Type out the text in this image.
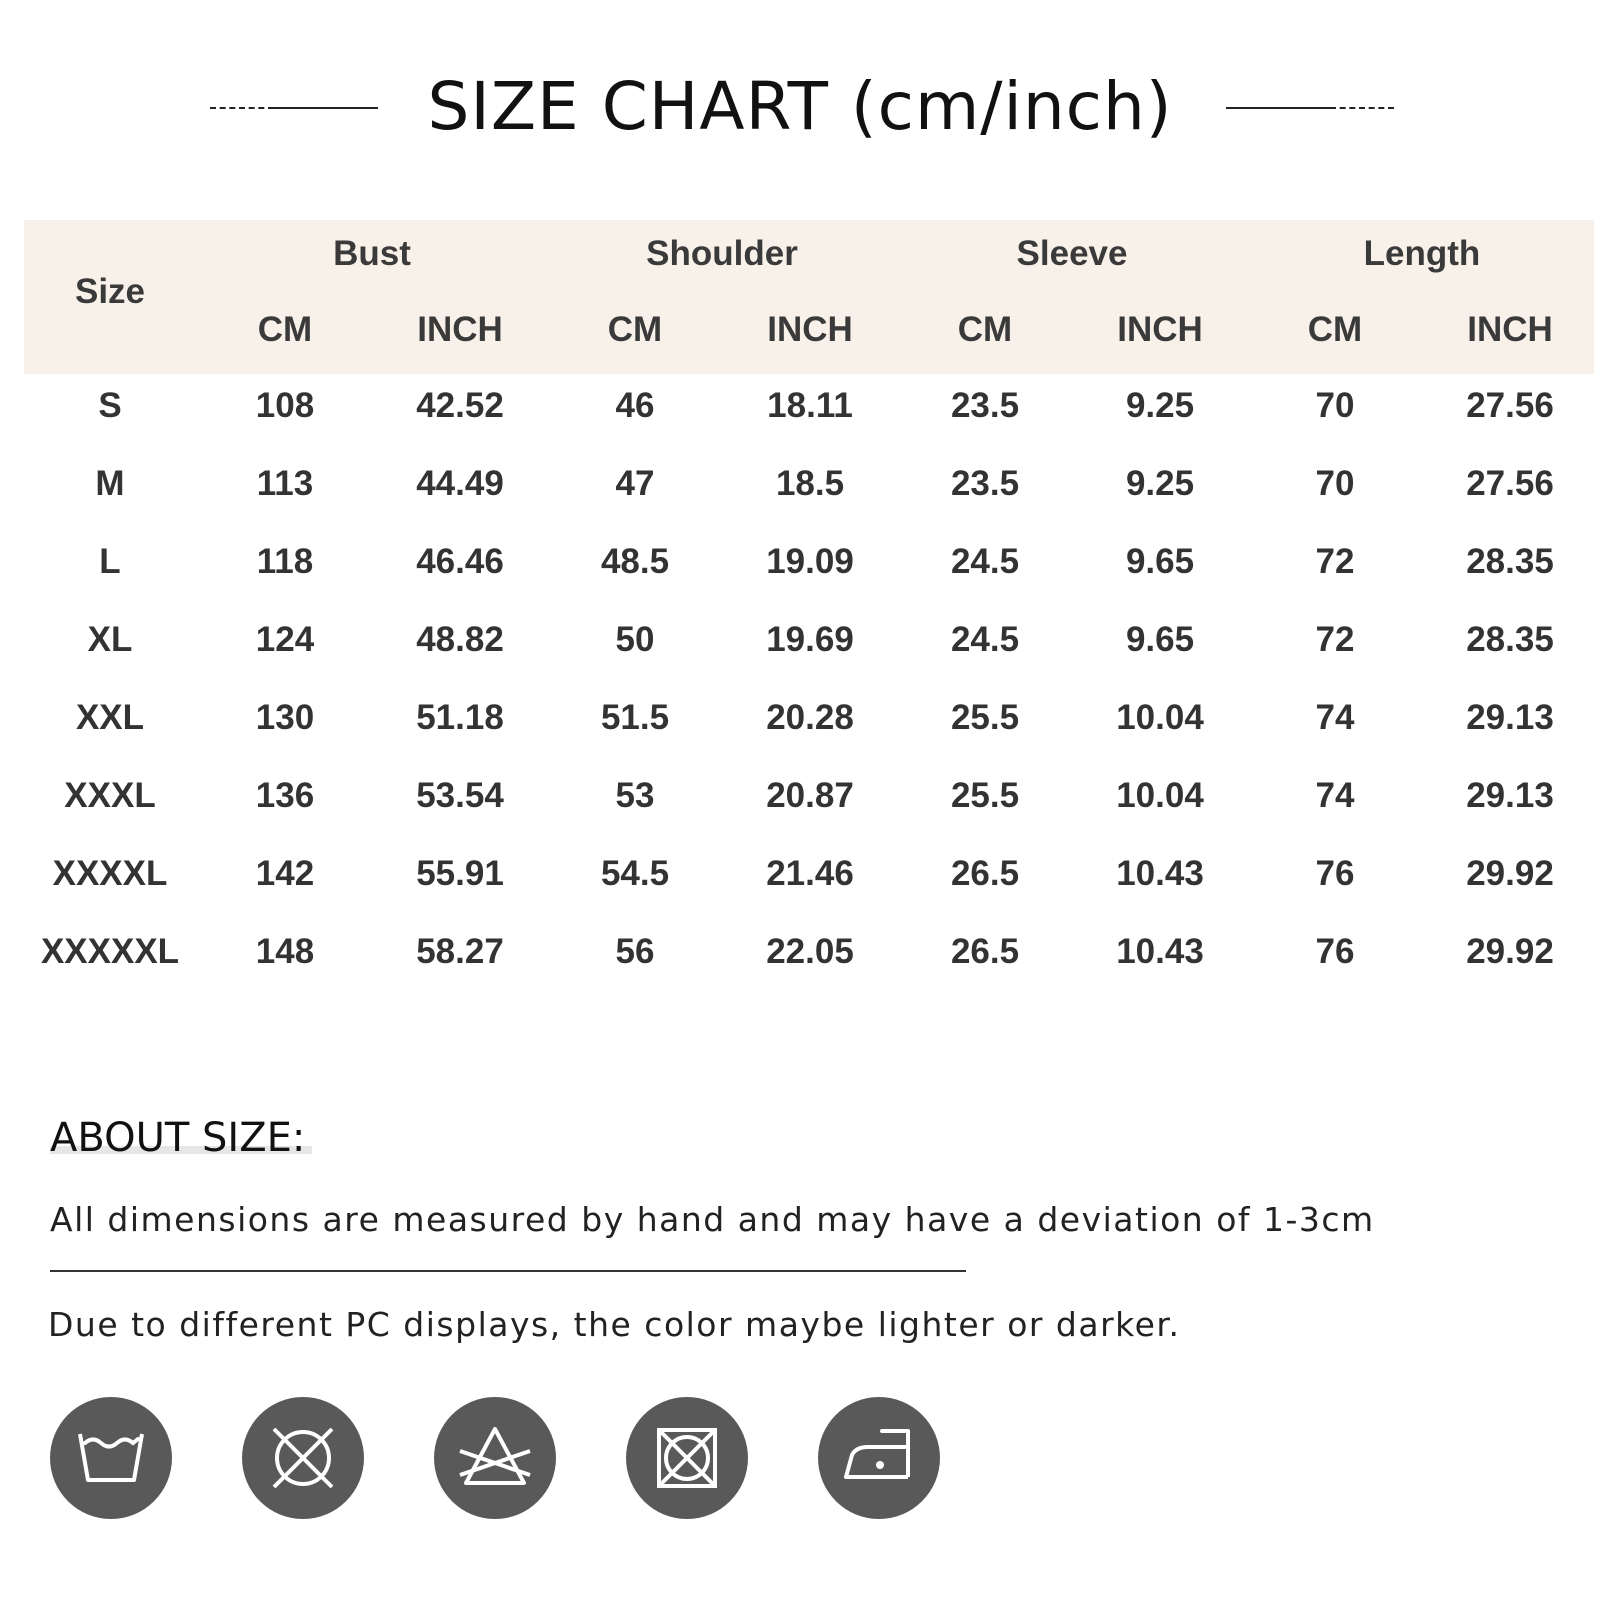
SIZE CHART (cm/inch)
Size
Bust	Shoulder	Sleeve	Length
CM	INCH	CM	INCH	CM	INCH	CM	INCH
S	108	42.52	46	18.11	23.5	9.25	70	27.56
M	113	44.49	47	18.5	23.5	9.25	70	27.56
L	118	46.46	48.5	19.09	24.5	9.65	72	28.35
XL	124	48.82	50	19.69	24.5	9.65	72	28.35
XXL	130	51.18	51.5	20.28	25.5	10.04	74	29.13
XXXL	136	53.54	53	20.87	25.5	10.04	74	29.13
XXXXL	142	55.91	54.5	21.46	26.5	10.43	76	29.92
XXXXXL	148	58.27	56	22.05	26.5	10.43	76	29.92
ABOUT SIZE:
All dimensions are measured by hand and may have a deviation of 1-3cm
Due to different PC displays, the color maybe lighter or darker.
